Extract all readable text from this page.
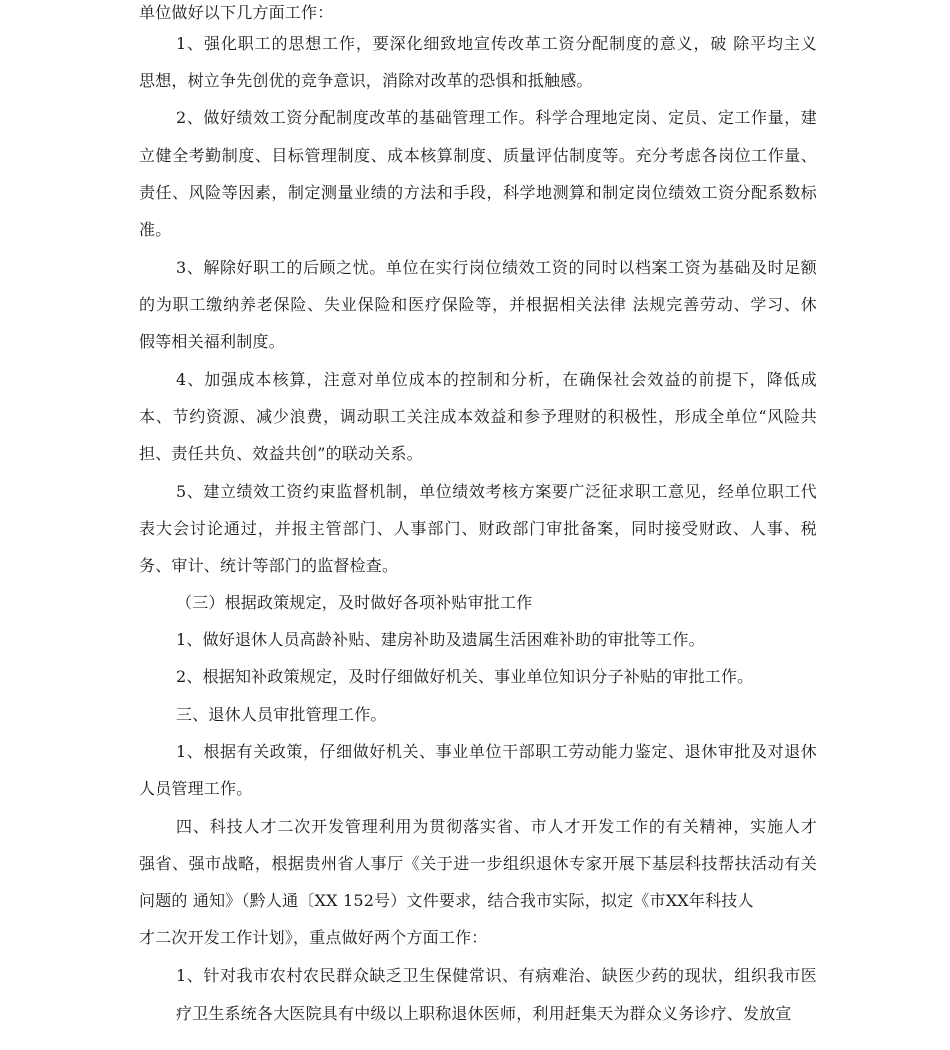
单位做好以下几方面工作：
1、强化职工的思想工作，要深化细致地宣传改革工资分配制度的意义，破 除平均主义
思想，树立争先创优的竞争意识，消除对改革的恐惧和抵触感。
2、做好绩效工资分配制度改革的基础管理工作。科学合理地定岗、定员、定工作量，建
立健全考勤制度、目标管理制度、成本核算制度、质量评估制度等。充分考虑各岗位工作量、
责任、风险等因素，制定测量业绩的方法和手段，科学地测算和制定岗位绩效工资分配系数标
准。
3、解除好职工的后顾之忧。单位在实行岗位绩效工资的同时以档案工资为基础及时足额
的为职工缴纳养老保险、失业保险和医疗保险等，并根据相关法律 法规完善劳动、学习、休
假等相关福利制度。
4、加强成本核算，注意对单位成本的控制和分析，在确保社会效益的前提下，降低成
本、节约资源、减少浪费，调动职工关注成本效益和参予理财的积极性，形成全单位“风险共
担、责任共负、效益共创”的联动关系。
5、建立绩效工资约束监督机制，单位绩效考核方案要广泛征求职工意见，经单位职工代
表大会讨论通过，并报主管部门、人事部门、财政部门审批备案，同时接受财政、人事、税
务、审计、统计等部门的监督检查。
（三）根据政策规定，及时做好各项补贴审批工作
1、做好退休人员高龄补贴、建房补助及遗属生活困难补助的审批等工作。
2、根据知补政策规定，及时仔细做好机关、事业单位知识分子补贴的审批工作。
三、退休人员审批管理工作。
1、根据有关政策，仔细做好机关、事业单位干部职工劳动能力鉴定、退休审批及对退休
人员管理工作。
四、科技人才二次开发管理利用为贯彻落实省、市人才开发工作的有关精神，实施人才
强省、强市战略，根据贵州省人事厅《关于进一步组织退休专家开展下基层科技帮扶活动有关
问题的 通知》（黔人通〔XX 152号）文件要求，结合我市实际，拟定《市XX年科技人
才二次开发工作计划》，重点做好两个方面工作：
1、针对我市农村农民群众缺乏卫生保健常识、有病难治、缺医少药的现状，组织我市医
疗卫生系统各大医院具有中级以上职称退休医师，利用赶集天为群众义务诊疗、发放宣
